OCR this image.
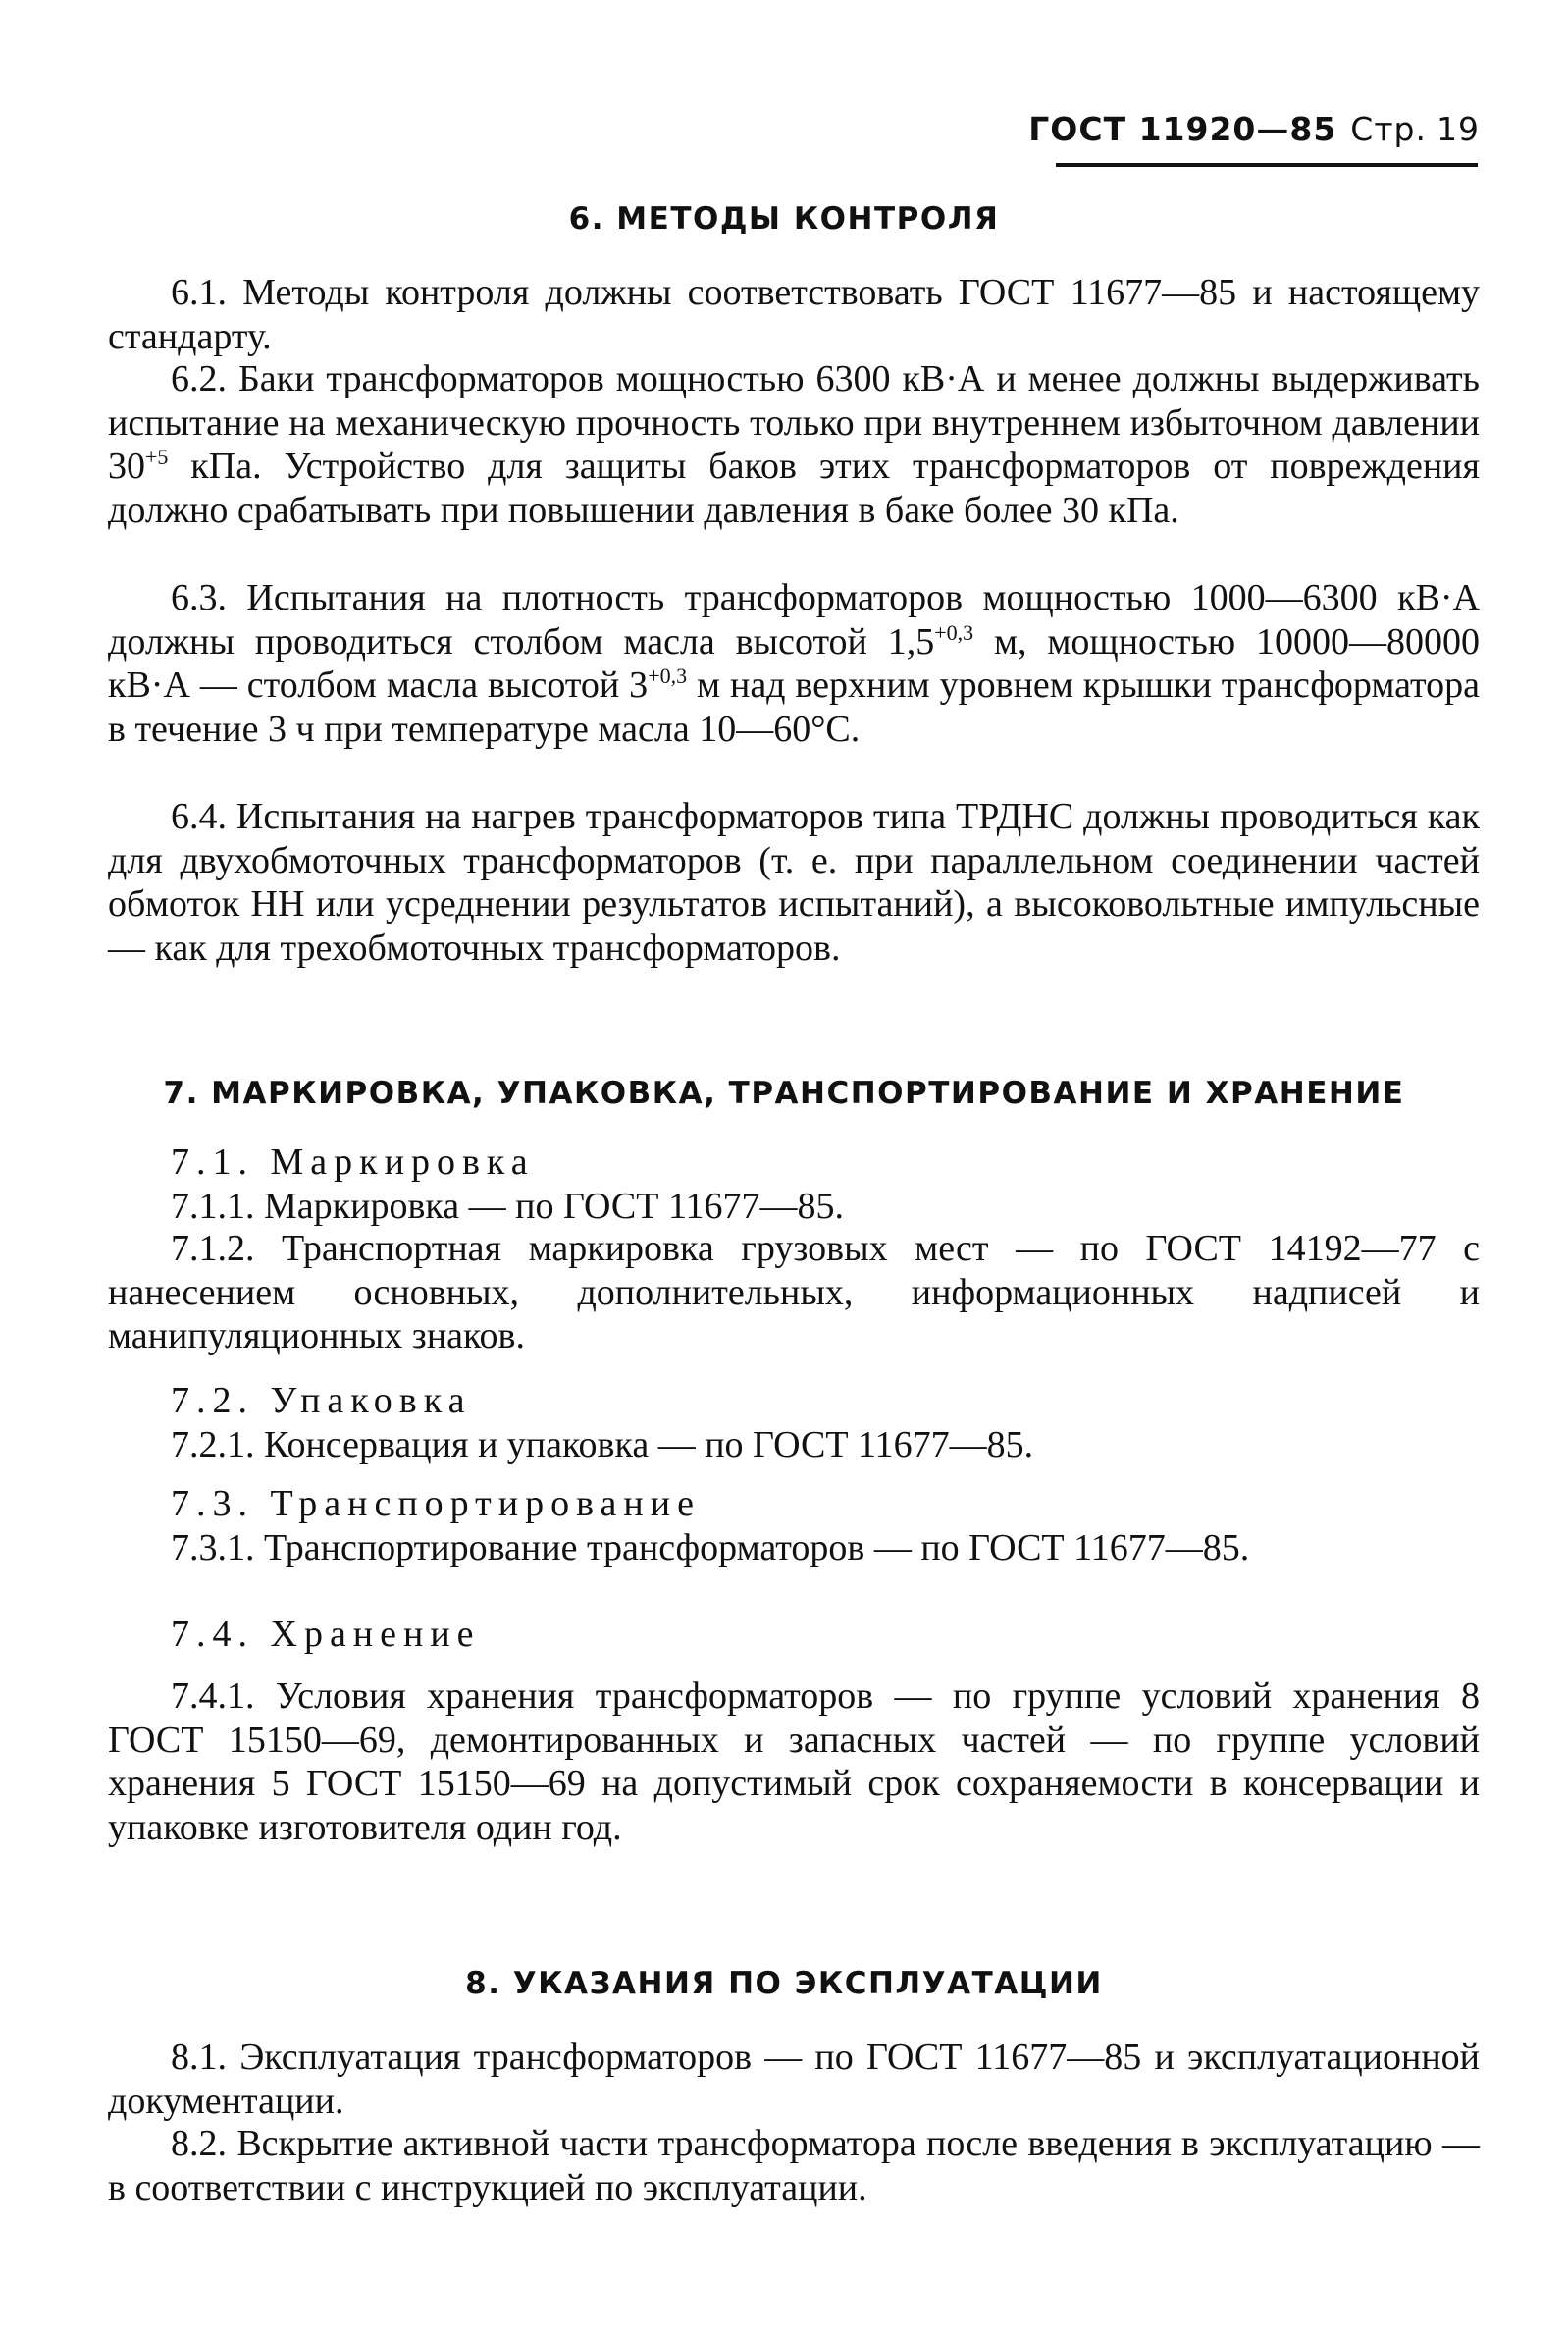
ГОСТ 11920—85 Стр. 19
6. МЕТОДЫ КОНТРОЛЯ
6.1. Методы контроля должны соответствовать ГОСТ 11677—85 и настоящему стандарту.
6.2. Баки трансформаторов мощностью 6300 кВ·А и менее должны выдерживать испытание на механическую прочность только при внутреннем избыточном давлении $30^{+5}$ кПа. Устройство для защиты баков этих трансформаторов от повреждения должно срабатывать при повышении давления в баке более 30 кПа.
6.3. Испытания на плотность трансформаторов мощностью 1000—6300 кВ·А должны проводиться столбом масла высотой $1,5^{+0,3}$ м, мощностью 10000—80000 кВ·А — столбом масла высотой $3^{+0,3}$ м над верхним уровнем крышки трансформатора в течение 3 ч при температуре масла 10—60°С.
6.4. Испытания на нагрев трансформаторов типа ТРДНС должны проводиться как для двухобмоточных трансформаторов (т. е. при параллельном соединении частей обмоток НН или усреднении результатов испытаний), а высоковольтные импульсные — как для трехобмоточных трансформаторов.
7. МАРКИРОВКА, УПАКОВКА, ТРАНСПОРТИРОВАНИЕ И ХРАНЕНИЕ
7.1. Маркировка
7.1.1. Маркировка — по ГОСТ 11677—85.
7.1.2. Транспортная маркировка грузовых мест — по ГОСТ 14192—77 с нанесением основных, дополнительных, информационных надписей и манипуляционных знаков.
7.2. Упаковка
7.2.1. Консервация и упаковка — по ГОСТ 11677—85.
7.3. Транспортирование
7.3.1. Транспортирование трансформаторов — по ГОСТ 11677—85.
7.4. Хранение
7.4.1. Условия хранения трансформаторов — по группе условий хранения 8 ГОСТ 15150—69, демонтированных и запасных частей — по группе условий хранения 5 ГОСТ 15150—69 на допустимый срок сохраняемости в консервации и упаковке изготовителя один год.
8. УКАЗАНИЯ ПО ЭКСПЛУАТАЦИИ
8.1. Эксплуатация трансформаторов — по ГОСТ 11677—85 и эксплуатационной документации.
8.2. Вскрытие активной части трансформатора после введения в эксплуатацию — в соответствии с инструкцией по эксплуатации.
